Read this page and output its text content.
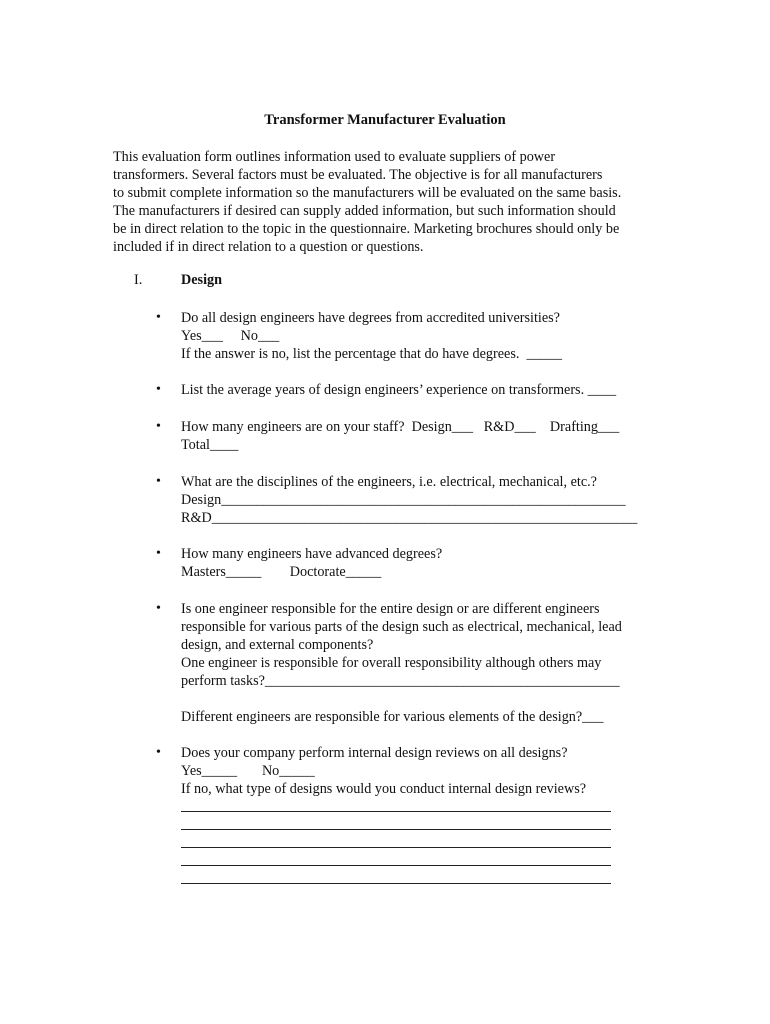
Transformer Manufacturer Evaluation
This evaluation form outlines information used to evaluate suppliers of power
transformers. Several factors must be evaluated. The objective is for all manufacturers
to submit complete information so the manufacturers will be evaluated on the same basis.
The manufacturers if desired can supply added information, but such information should
be in direct relation to the topic in the questionnaire. Marketing brochures should only be
included if in direct relation to a question or questions.
I.	Design
• Do all design engineers have degrees from accredited universities?
Yes___     No___
If the answer is no, list the percentage that do have degrees.  _____
• List the average years of design engineers’ experience on transformers. ____
• How many engineers are on your staff?  Design___   R&D___    Drafting___
Total____
• What are the disciplines of the engineers, i.e. electrical, mechanical, etc.?
Design_________________________________________________________
R&D____________________________________________________________
• How many engineers have advanced degrees?
Masters_____        Doctorate_____
• Is one engineer responsible for the entire design or are different engineers
responsible for various parts of the design such as electrical, mechanical, lead
design, and external components?
One engineer is responsible for overall responsibility although others may
perform tasks?__________________________________________________

Different engineers are responsible for various elements of the design?___
• Does your company perform internal design reviews on all designs?
Yes_____       No_____
If no, what type of designs would you conduct internal design reviews?
